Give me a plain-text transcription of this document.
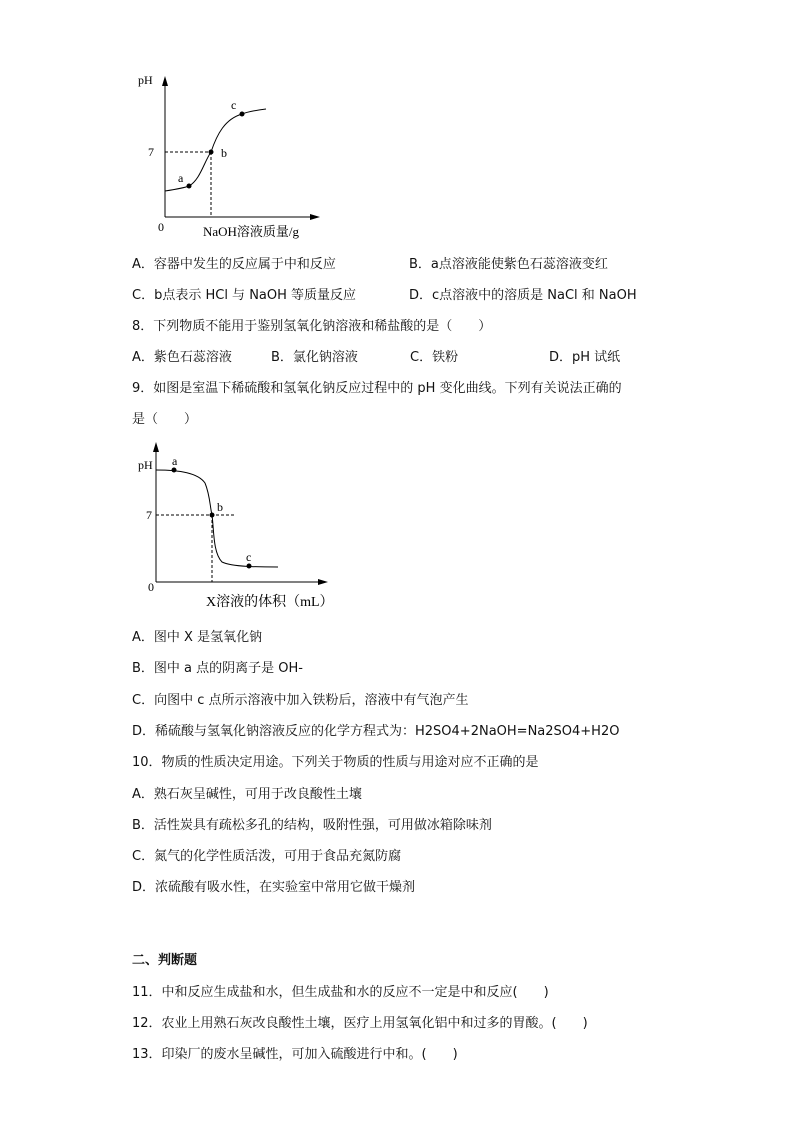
pH
7
0	NaOH溶液质量/g
a
b
c
A．容器中发生的反应属于中和反应	B．a点溶液能使紫色石蕊溶液变红
C．b点表示 HCl 与 NaOH 等质量反应	D．c点溶液中的溶质是 NaCl 和 NaOH
8．下列物质不能用于鉴别氢氧化钠溶液和稀盐酸的是（　　）
A．紫色石蕊溶液	B．氯化钠溶液	C．铁粉	D．pH 试纸
9．如图是室温下稀硫酸和氢氧化钠反应过程中的 pH 变化曲线。下列有关说法正确的
是（　　）
pH
7
0
X溶液的体积（mL）
a
b
c
A．图中 X 是氢氧化钠
B．图中 a 点的阴离子是 OH-
C．向图中 c 点所示溶液中加入铁粉后，溶液中有气泡产生
D．稀硫酸与氢氧化钠溶液反应的化学方程式为：H2SO4+2NaOH=Na2SO4+H2O
10．物质的性质决定用途。下列关于物质的性质与用途对应不正确的是
A．熟石灰呈碱性，可用于改良酸性土壤
B．活性炭具有疏松多孔的结构，吸附性强，可用做冰箱除味剂
C．氮气的化学性质活泼，可用于食品充氮防腐
D．浓硫酸有吸水性，在实验室中常用它做干燥剂
二、判断题
11．中和反应生成盐和水，但生成盐和水的反应不一定是中和反应(　　)
12．农业上用熟石灰改良酸性土壤，医疗上用氢氧化铝中和过多的胃酸。(　　)
13．印染厂的废水呈碱性，可加入硫酸进行中和。(　　)
